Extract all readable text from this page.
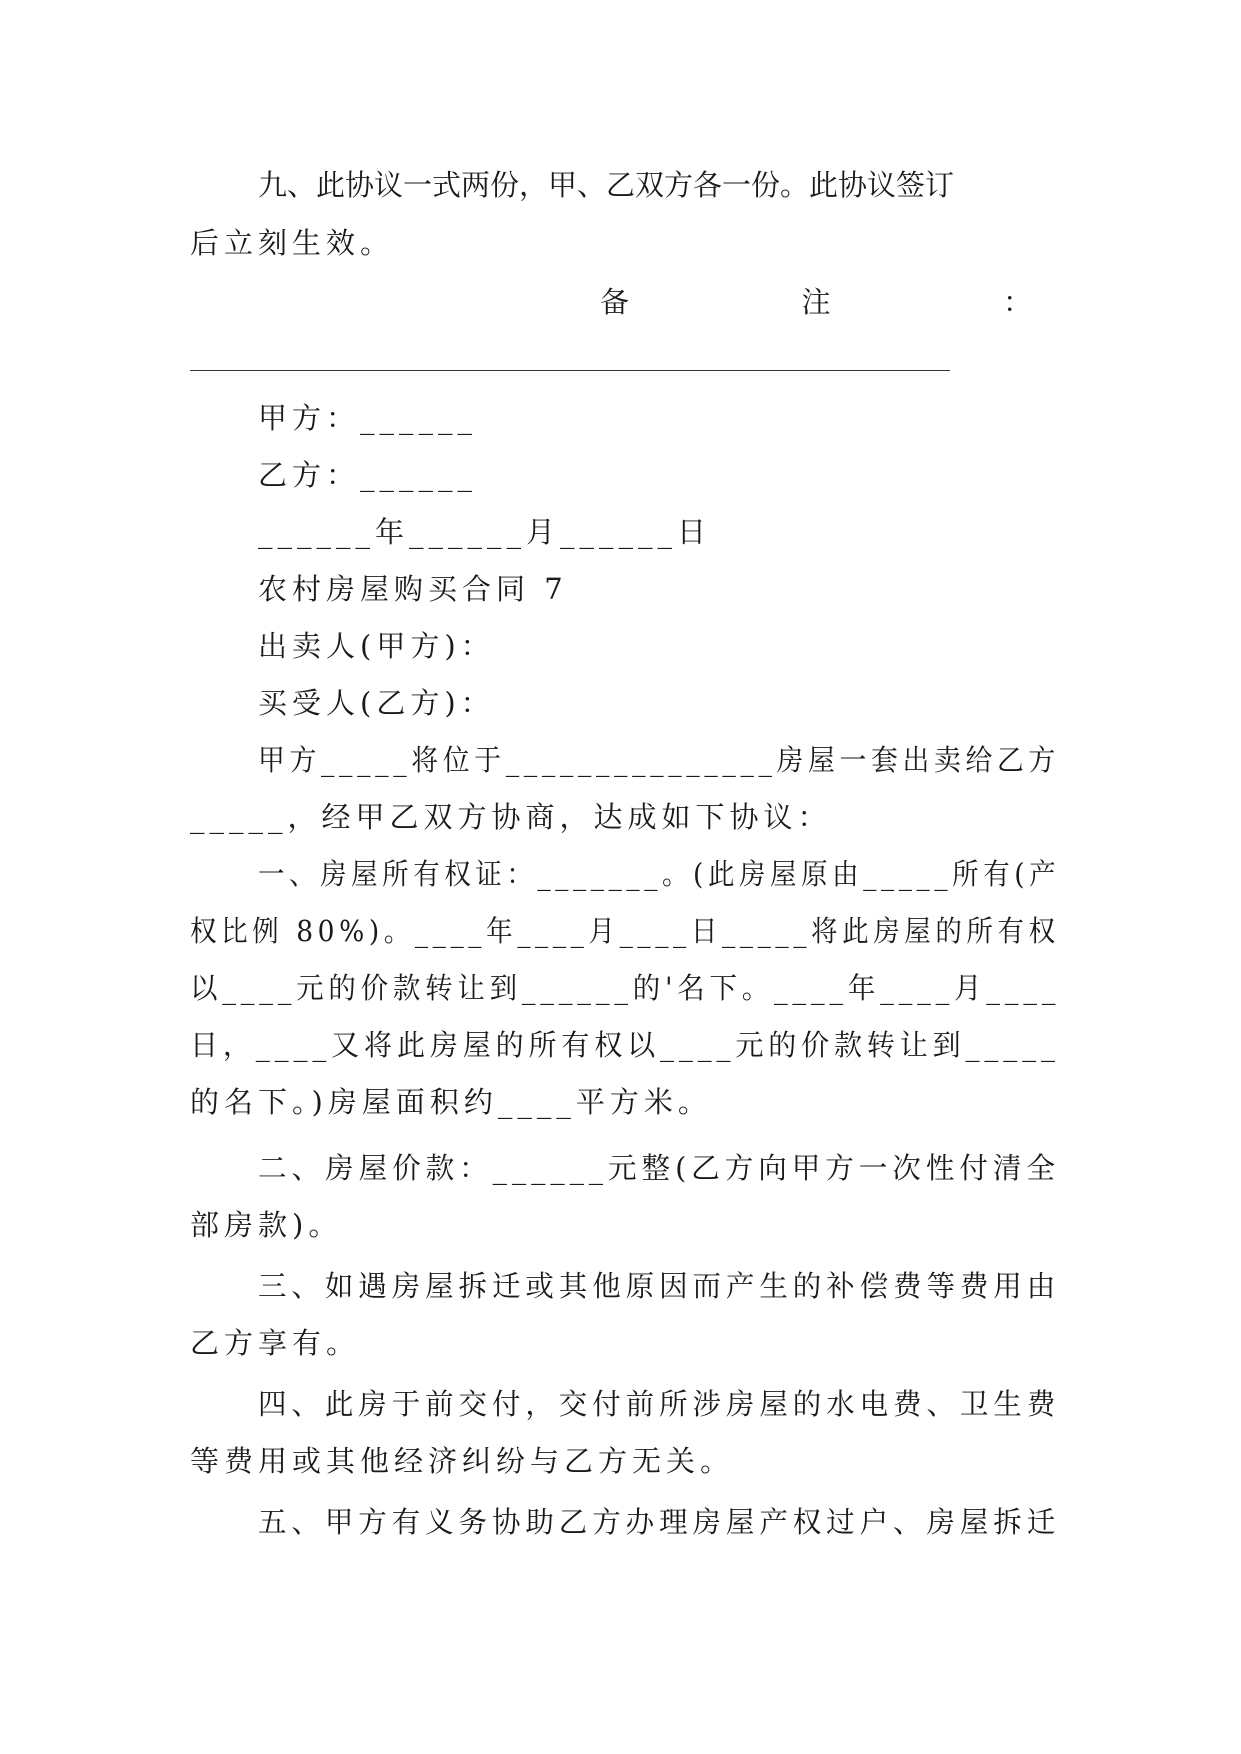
九、此协议一式两份，甲、乙双方各一份。此协议签订
后立刻生效。
备	注	：
甲方：______
乙方：______
______年______月______日
农村房屋购买合同 7
出卖人(甲方)：
买受人(乙方)：
甲方_____将位于_______________房屋一套出卖给乙方
_____，经甲乙双方协商，达成如下协议：
一、房屋所有权证：_______。(此房屋原由_____所有(产
权比例 80%)。____年____月____日_____将此房屋的所有权
以____元的价款转让到______的'名下。____年____月____
日，____又将此房屋的所有权以____元的价款转让到_____
的名下。)房屋面积约____平方米。
二、房屋价款：______元整(乙方向甲方一次性付清全
部房款)。
三、如遇房屋拆迁或其他原因而产生的补偿费等费用由
乙方享有。
四、此房于前交付，交付前所涉房屋的水电费、卫生费
等费用或其他经济纠纷与乙方无关。
五、甲方有义务协助乙方办理房屋产权过户、房屋拆迁
